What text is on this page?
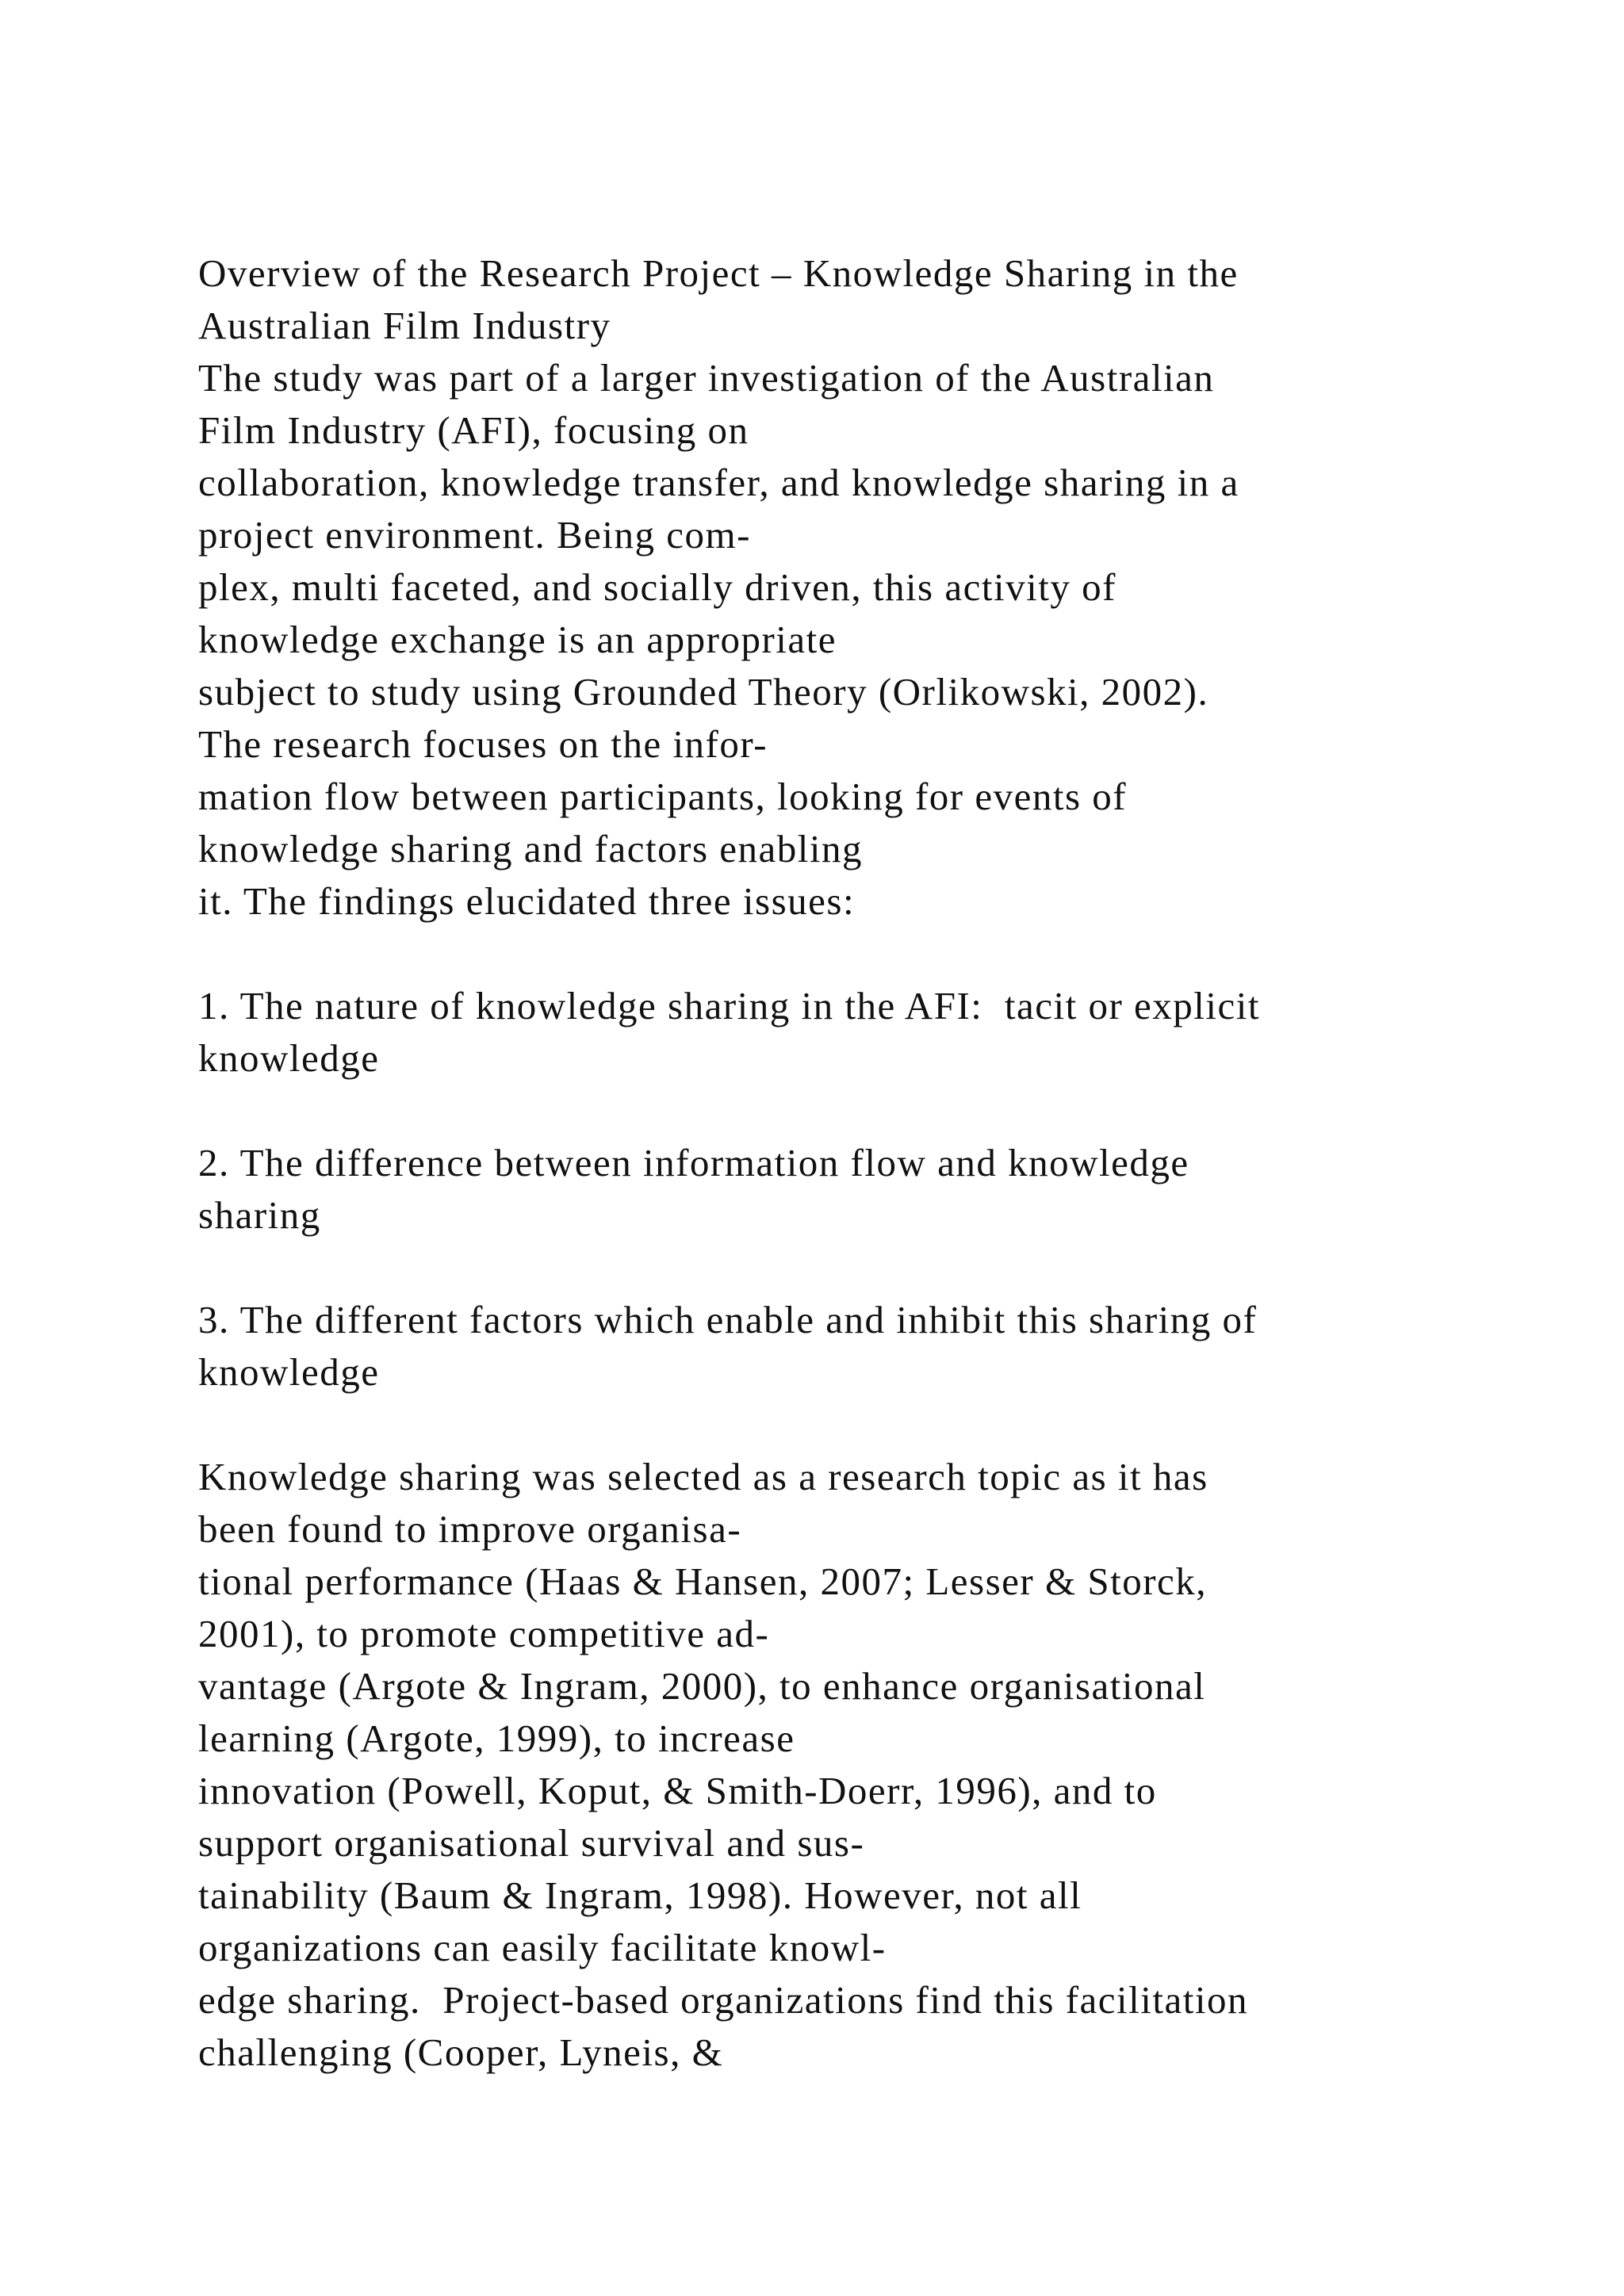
Overview of the Research Project – Knowledge Sharing in the
Australian Film Industry
The study was part of a larger investigation of the Australian
Film Industry (AFI), focusing on
collaboration, knowledge transfer, and knowledge sharing in a
project environment. Being com-
plex, multi faceted, and socially driven, this activity of
knowledge exchange is an appropriate
subject to study using Grounded Theory (Orlikowski, 2002).
The research focuses on the infor-
mation flow between participants, looking for events of
knowledge sharing and factors enabling
it. The findings elucidated three issues:
1. The nature of knowledge sharing in the AFI:  tacit or explicit
knowledge
2. The difference between information flow and knowledge
sharing
3. The different factors which enable and inhibit this sharing of
knowledge
Knowledge sharing was selected as a research topic as it has
been found to improve organisa-
tional performance (Haas & Hansen, 2007; Lesser & Storck,
2001), to promote competitive ad-
vantage (Argote & Ingram, 2000), to enhance organisational
learning (Argote, 1999), to increase
innovation (Powell, Koput, & Smith-Doerr, 1996), and to
support organisational survival and sus-
tainability (Baum & Ingram, 1998). However, not all
organizations can easily facilitate knowl-
edge sharing.  Project-based organizations find this facilitation
challenging (Cooper, Lyneis, &
